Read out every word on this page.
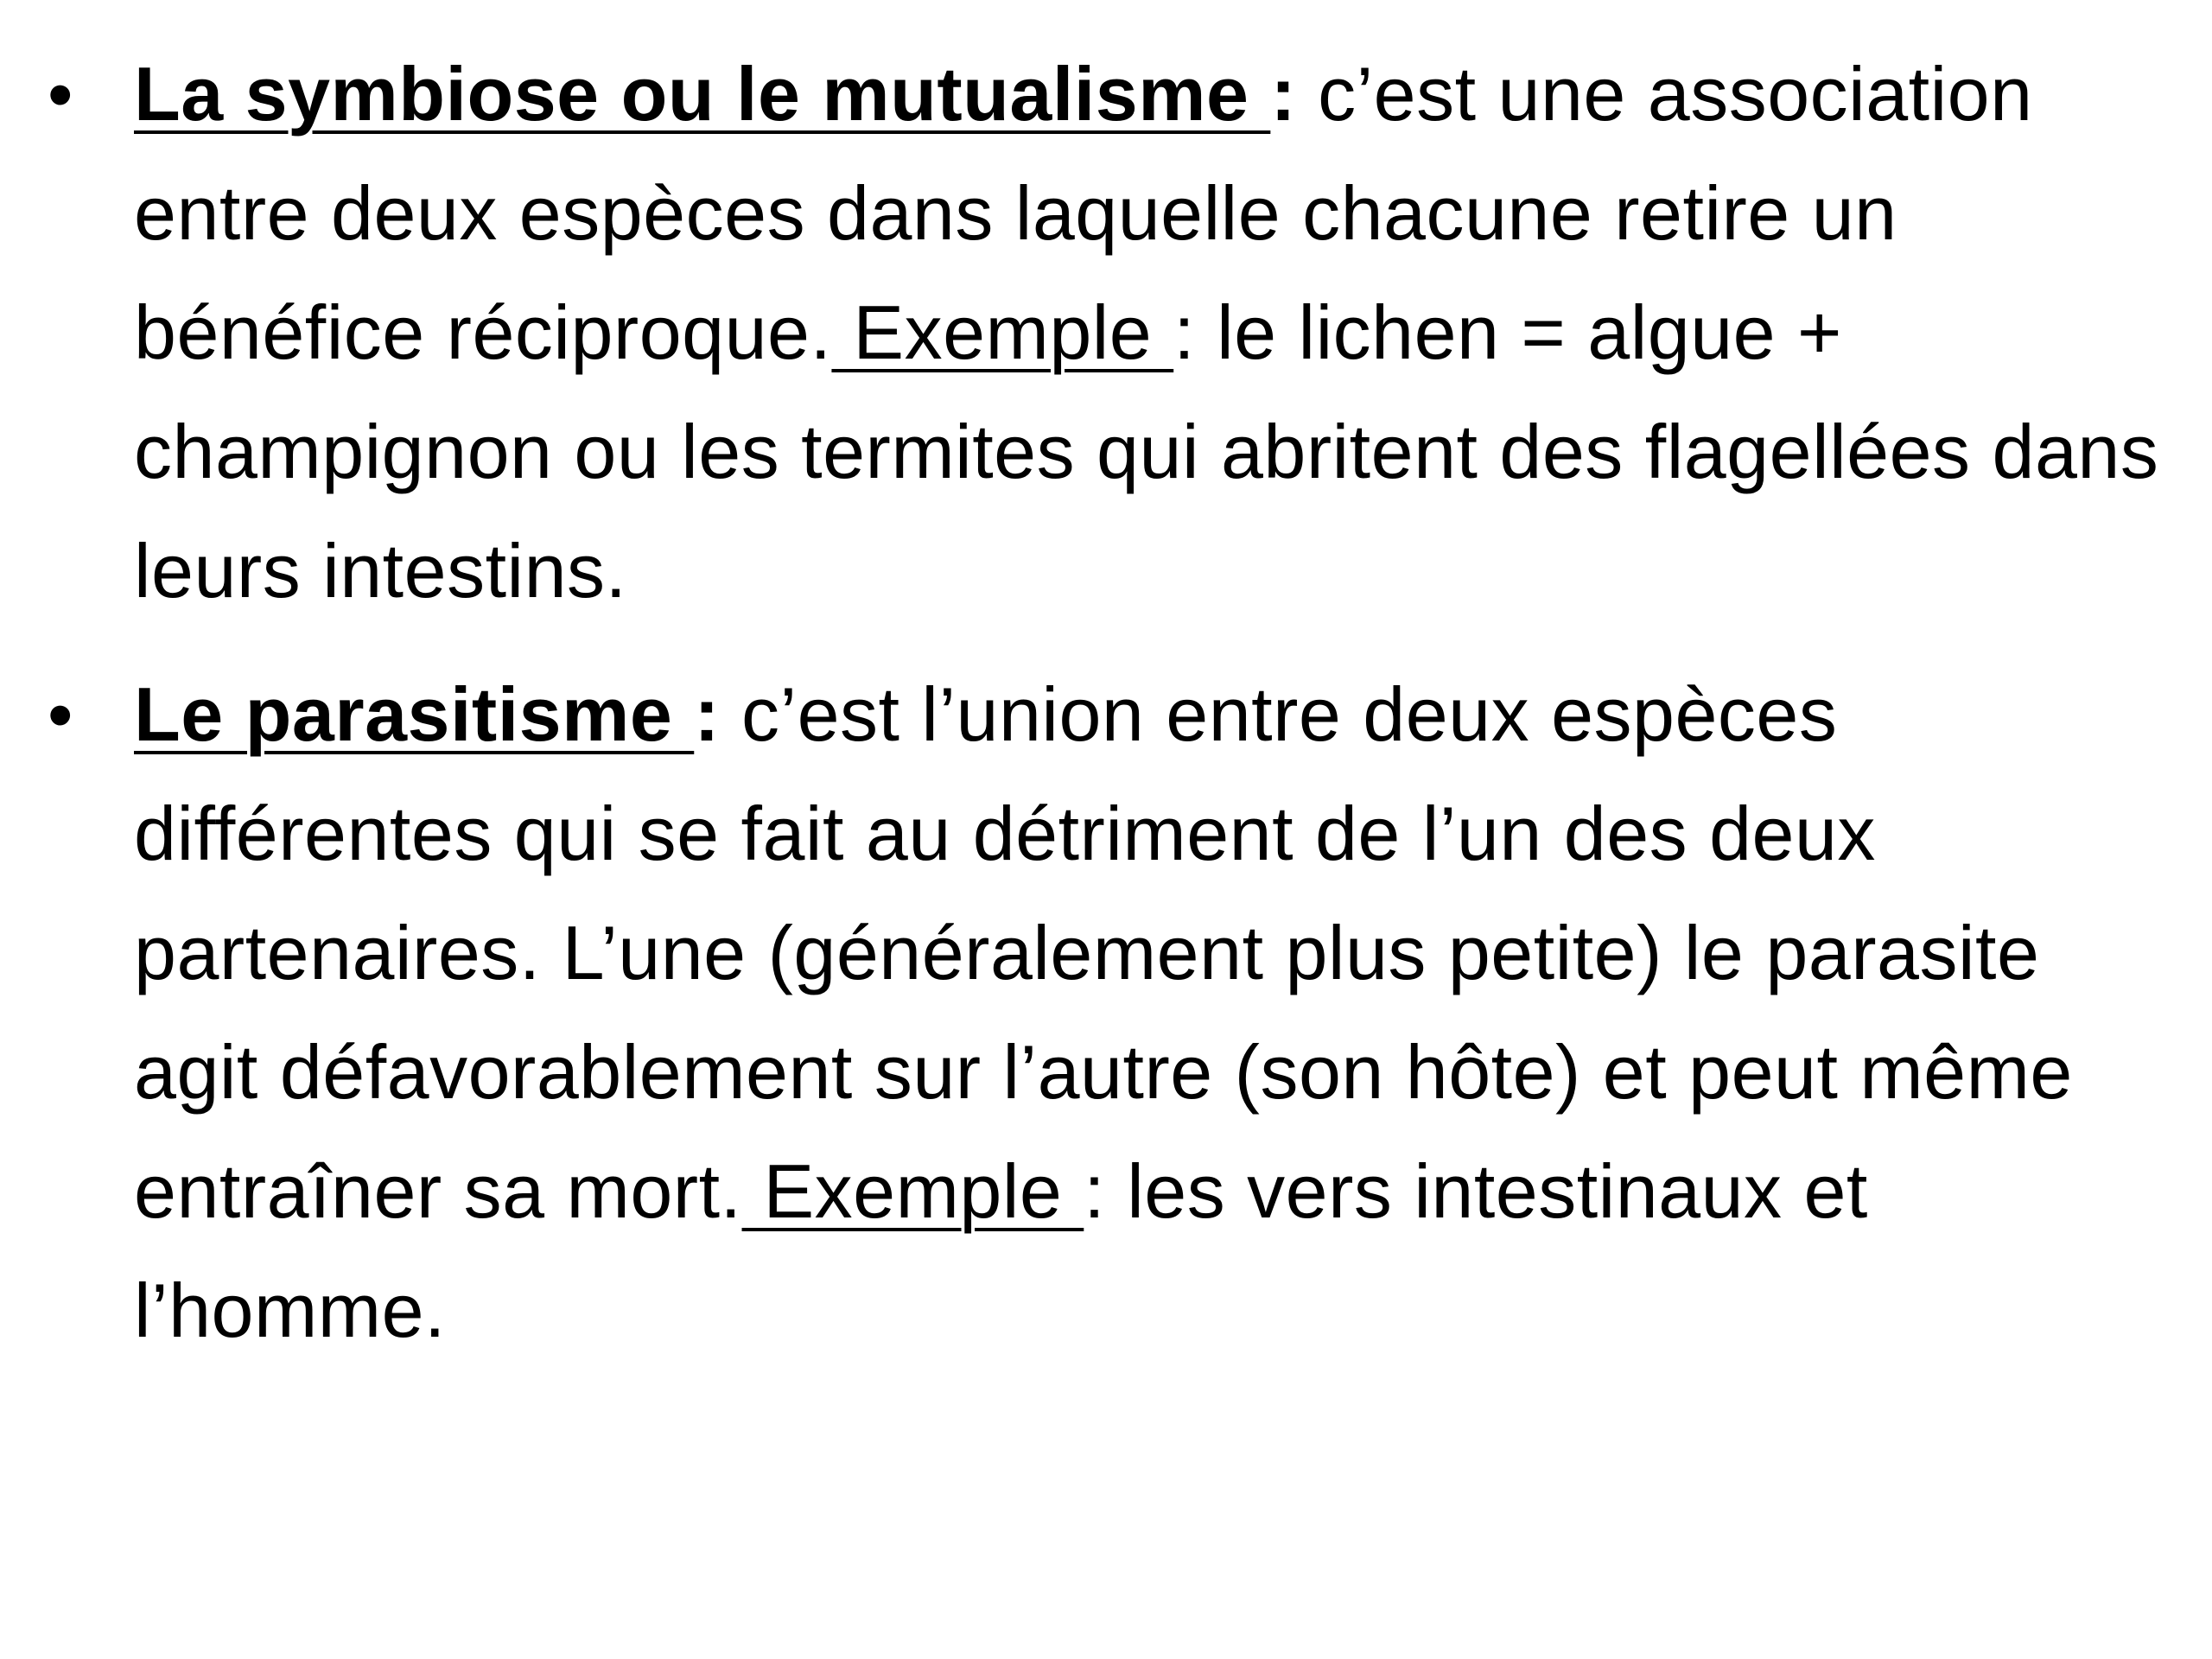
• La symbiose ou le mutualisme : c’est une association entre deux espèces dans laquelle chacune retire un bénéfice réciproque. Exemple : le lichen = algue + champignon ou les termites qui abritent des flagellées dans leurs intestins.
• Le parasitisme : c’est l’union entre deux espèces différentes qui se fait au détriment de l’un des deux partenaires. L’une (généralement plus petite) le parasite agit défavorablement sur l’autre (son hôte) et peut même entraîner sa mort. Exemple : les vers intestinaux et l’homme.
